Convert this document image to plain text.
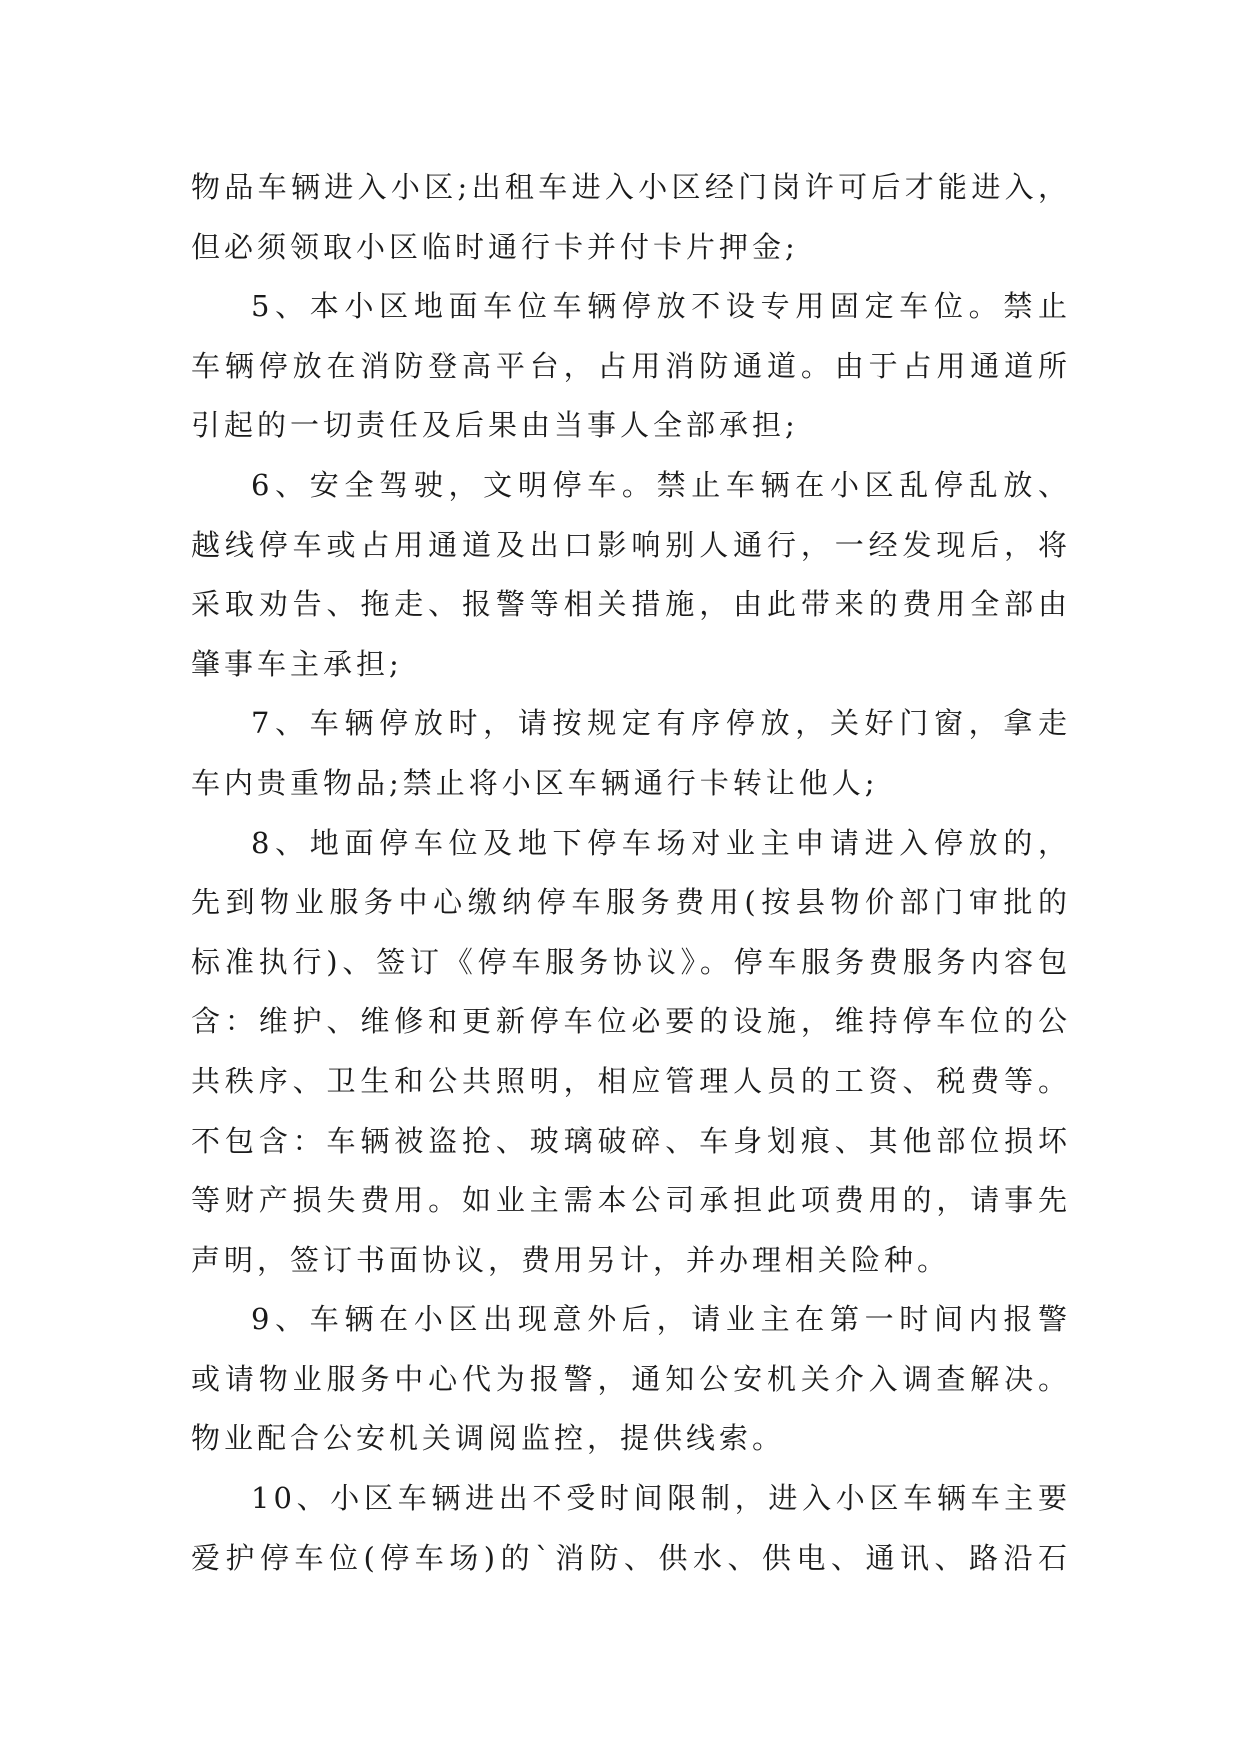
物品车辆进入小区;出租车进入小区经门岗许可后才能进入，
但必须领取小区临时通行卡并付卡片押金;
5、本小区地面车位车辆停放不设专用固定车位。禁止
车辆停放在消防登高平台，占用消防通道。由于占用通道所
引起的一切责任及后果由当事人全部承担;
6、安全驾驶，文明停车。禁止车辆在小区乱停乱放、
越线停车或占用通道及出口影响别人通行，一经发现后，将
采取劝告、拖走、报警等相关措施，由此带来的费用全部由
肇事车主承担;
7、车辆停放时，请按规定有序停放，关好门窗，拿走
车内贵重物品;禁止将小区车辆通行卡转让他人;
8、地面停车位及地下停车场对业主申请进入停放的，
先到物业服务中心缴纳停车服务费用(按县物价部门审批的
标准执行)、签订《停车服务协议》。停车服务费服务内容包
含：维护、维修和更新停车位必要的设施，维持停车位的公
共秩序、卫生和公共照明，相应管理人员的工资、税费等。
不包含：车辆被盗抢、玻璃破碎、车身划痕、其他部位损坏
等财产损失费用。如业主需本公司承担此项费用的，请事先
声明，签订书面协议，费用另计，并办理相关险种。
9、车辆在小区出现意外后，请业主在第一时间内报警
或请物业服务中心代为报警，通知公安机关介入调查解决。
物业配合公安机关调阅监控，提供线索。
10、小区车辆进出不受时间限制，进入小区车辆车主要
爱护停车位(停车场)的`消防、供水、供电、通讯、路沿石
